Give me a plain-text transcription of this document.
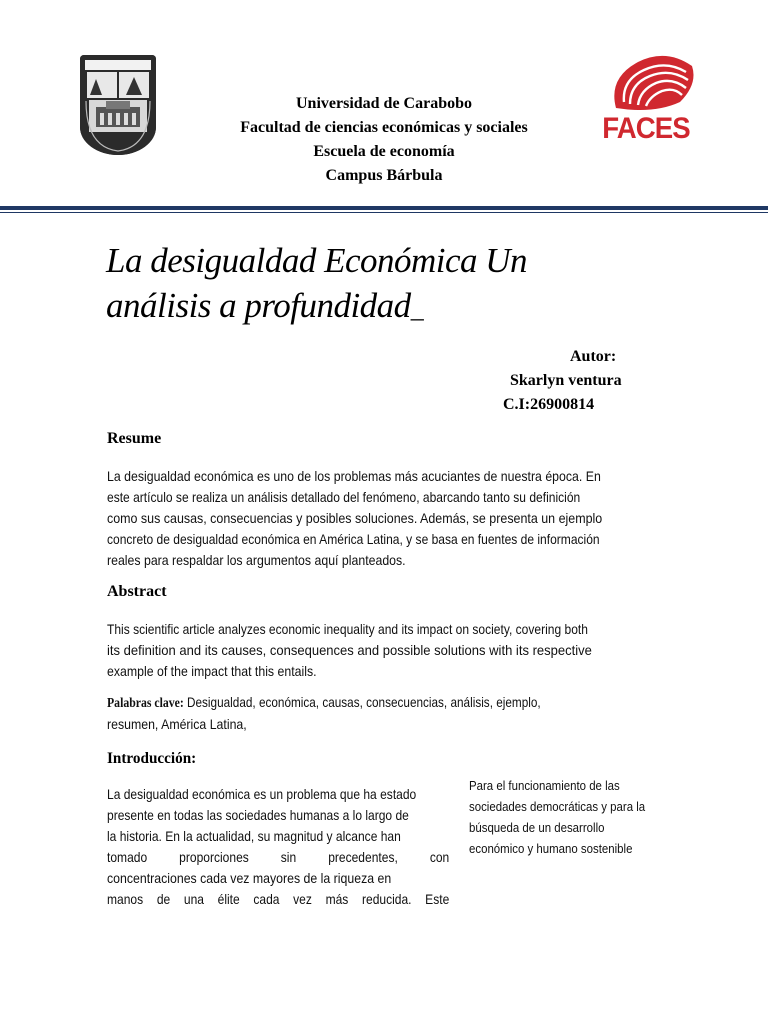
Universidad de Carabobo
Facultad de ciencias económicas y sociales
Escuela de economía
Campus Bárbula
FACES
La desigualdad Económica Un
análisis a profundidad_
Autor:
Skarlyn ventura
C.I:26900814
Resume
La desigualdad económica es uno de los problemas más acuciantes de nuestra época. En
este artículo se realiza un análisis detallado del fenómeno, abarcando tanto su definición
como sus causas, consecuencias y posibles soluciones. Además, se presenta un ejemplo
concreto de desigualdad económica en América Latina, y se basa en fuentes de información
reales para respaldar los argumentos aquí planteados.
Abstract
This scientific article analyzes economic inequality and its impact on society, covering both
its definition and its causes, consequences and possible solutions with its respective
example of the impact that this entails.
Palabras clave: Desigualdad, económica, causas, consecuencias, análisis, ejemplo,
resumen, América Latina,
Introducción:
La desigualdad económica es un problema que ha estado
presente en todas las sociedades humanas a lo largo de
la historia. En la actualidad, su magnitud y alcance han
tomado proporciones sin precedentes, con
concentraciones cada vez mayores de la riqueza en
manos de una élite cada vez más reducida. Este
Para el funcionamiento de las
sociedades democráticas y para la
búsqueda de un desarrollo
económico y humano sostenible
